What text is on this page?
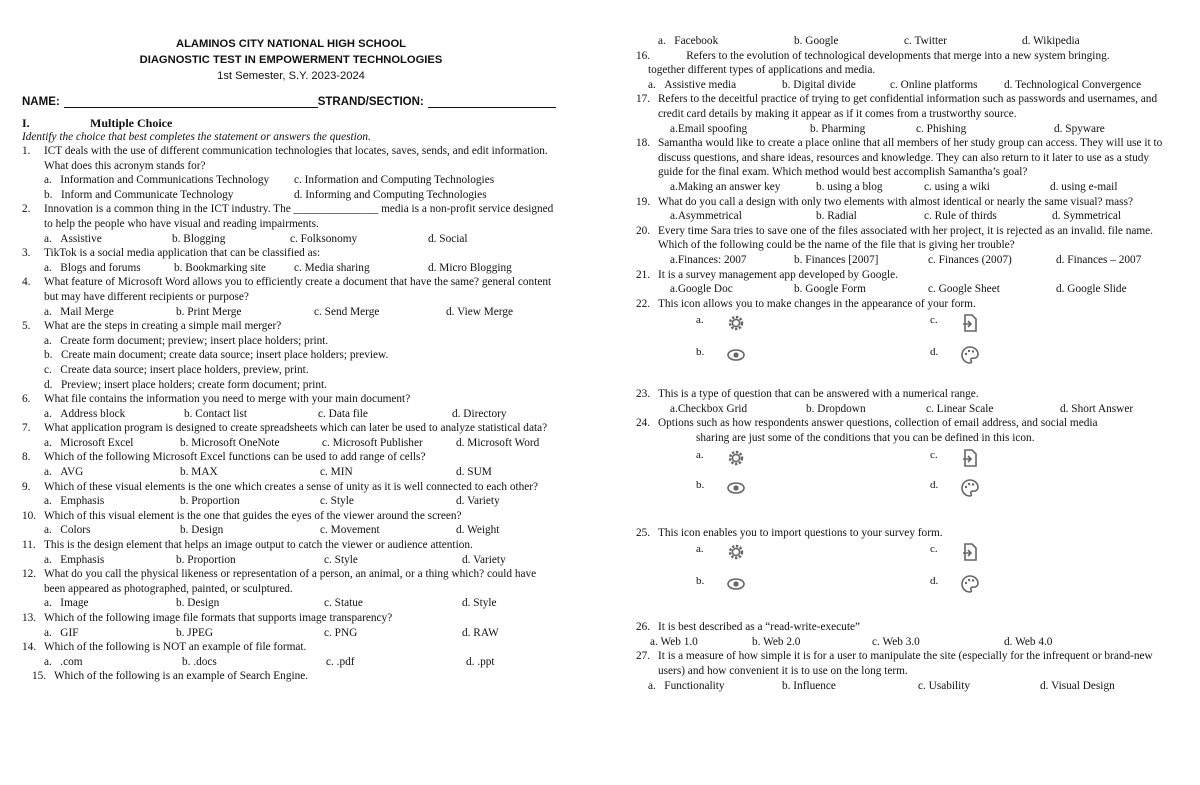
ALAMINOS CITY NATIONAL HIGH SCHOOL
DIAGNOSTIC TEST IN EMPOWERMENT TECHNOLOGIES
1st Semester, S.Y. 2023-2024
NAME:	STRAND/SECTION:
I.	Multiple Choice
Identify the choice that best completes the statement or answers the question.
1.	ICT deals with the use of different communication technologies that locates, saves, sends, and edit information. What does this acronym stands for?
a.   Information and Communications Technology	c. Information and Computing Technologies
b.   Inform and Communicate Technology	d. Informing and Computing Technologies
2.	Innovation is a common thing in the ICT industry. The _______________ media is a non-profit service designed to help the people who have visual and reading impairments.
a.   Assistive	b. Blogging	c. Folksonomy	d. Social
3.	TikTok is a social media application that can be classified as:
a.   Blogs and forums	b. Bookmarking site	c. Media sharing	d. Micro Blogging
4.	What feature of Microsoft Word allows you to efficiently create a document that have the same? general content but may have different recipients or purpose?
a.   Mail Merge	b. Print Merge	c. Send Merge	d. View Merge
5.	What are the steps in creating a simple mail merger?
a.   Create form document; preview; insert place holders; print.
b.   Create main document; create data source; insert place holders; preview.
c.   Create data source; insert place holders, preview, print.
d.   Preview; insert place holders; create form document; print.
6.	What file contains the information you need to merge with your main document?
a.   Address block	b. Contact list	c. Data file	d. Directory
7.	What application program is designed to create spreadsheets which can later be used to analyze statistical data?
a.   Microsoft Excel	b. Microsoft OneNote	c. Microsoft Publisher	d. Microsoft Word
8.	Which of the following Microsoft Excel functions can be used to add range of cells?
a.   AVG	b. MAX	c. MIN	d. SUM
9.	Which of these visual elements is the one which creates a sense of unity as it is well connected to each other?
a.   Emphasis	b. Proportion	c. Style	d. Variety
10. Which of this visual element is the one that guides the eyes of the viewer around the screen?
a.   Colors	b. Design	c. Movement	d. Weight
11. This is the design element that helps an image output to catch the viewer or audience attention.
a.   Emphasis	b. Proportion	c. Style	d. Variety
12. What do you call the physical likeness or representation of a person, an animal, or a thing which? could have been appeared as photographed, painted, or sculptured.
a.   Image	b. Design	c. Statue	d. Style
13. Which of the following image file formats that supports image transparency?
a.   GIF	b. JPEG	c. PNG	d. RAW
14. Which of the following is NOT an example of file format.
a.   .com	b. .docs	c. .pdf	d. .ppt
15. Which of the following is an example of Search Engine.
a.   Facebook	b. Google	c. Twitter	d. Wikipedia
16. Refers to the evolution of technological developments that merge into a new system bringing.
together different types of applications and media.
a.   Assistive media	b. Digital divide	c. Online platforms	d. Technological Convergence
17. Refers to the deceitful practice of trying to get confidential information such as passwords and usernames, and credit card details by making it appear as if it comes from a trustworthy source.
a.Email spoofing	b. Pharming	c. Phishing	d. Spyware
18. Samantha would like to create a place online that all members of her study group can access. They will use it to discuss questions, and share ideas, resources and knowledge. They can also return to it later to use as a study guide for the final exam. Which method would best accomplish Samantha’s goal?
a.Making an answer key	b. using a blog	c. using a wiki	d. using e-mail
19. What do you call a design with only two elements with almost identical or nearly the same visual? mass?
a.Asymmetrical	b. Radial	c. Rule of thirds	d. Symmetrical
20. Every time Sara tries to save one of the files associated with her project, it is rejected as an invalid. file name. Which of the following could be the name of the file that is giving her trouble?
a.Finances: 2007	b. Finances [2007]	c. Finances (2007)	d. Finances – 2007
21. It is a survey management app developed by Google.
a.Google Doc	b. Google Form	c. Google Sheet	d. Google Slide
22. This icon allows you to make changes in the appearance of your form.
a.	c.
b.	d.
23. This is a type of question that can be answered with a numerical range.
a.Checkbox Grid	b. Dropdown	c. Linear Scale	d. Short Answer
24. Options such as how respondents answer questions, collection of email address, and social media
sharing are just some of the conditions that you can be defined in this icon.
a.	c.
b.	d.
25. This icon enables you to import questions to your survey form.
a.	c.
b.	d.
26. It is best described as a “read-write-execute”
a. Web 1.0	b. Web 2.0	c. Web 3.0	d. Web 4.0
27. It is a measure of how simple it is for a user to manipulate the site (especially for the infrequent or brand-new users) and how convenient it is to use on the long term.
a.   Functionality	b. Influence	c. Usability	d. Visual Design
